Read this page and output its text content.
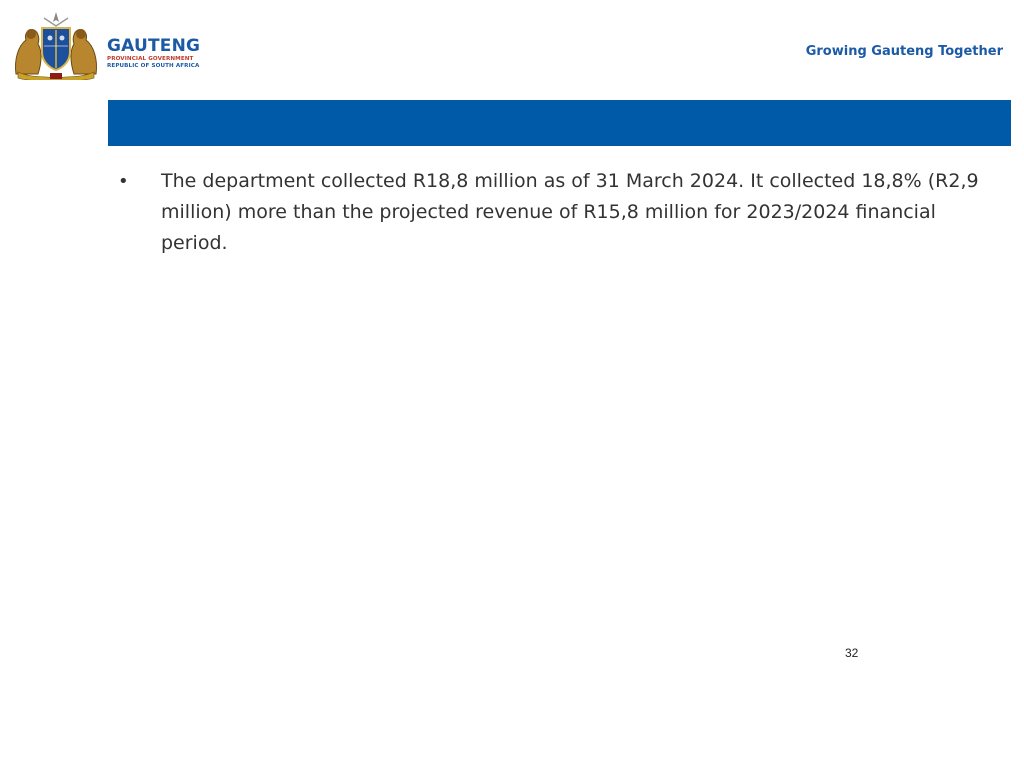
GAUTENG
PROVINCIAL GOVERNMENT
REPUBLIC OF SOUTH AFRICA
Growing Gauteng Together
•	The department collected R18,8 million as of 31 March 2024. It collected 18,8% (R2,9 million) more than the projected revenue of R15,8 million for 2023/2024 financial period.
32
